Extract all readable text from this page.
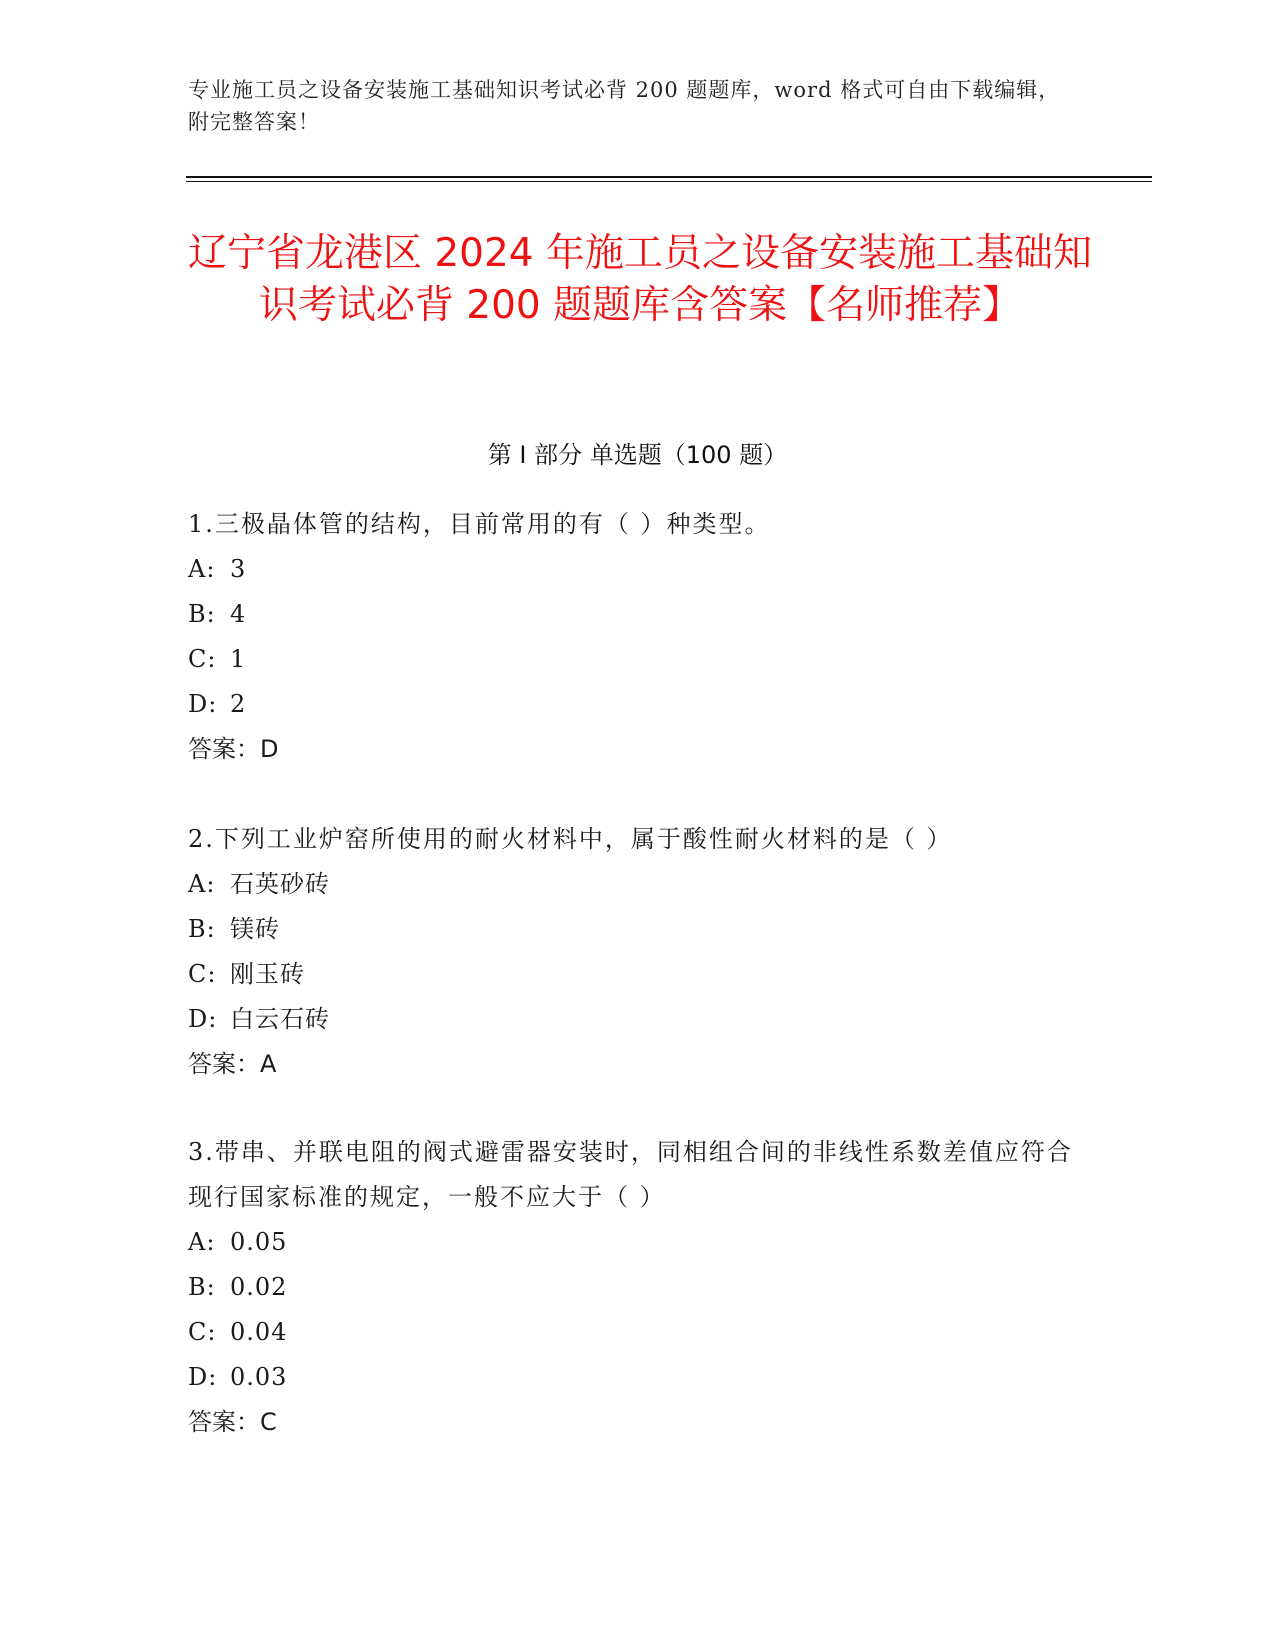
专业施工员之设备安装施工基础知识考试必背 200 题题库，word 格式可自由下载编辑，附完整答案！
辽宁省龙港区 2024 年施工员之设备安装施工基础知识考试必背 200 题题库含答案【名师推荐】
第 I 部分 单选题（100 题）
1.三极晶体管的结构，目前常用的有（ ）种类型。
A: 3
B: 4
C: 1
D: 2
答案：D
2.下列工业炉窑所使用的耐火材料中，属于酸性耐火材料的是（ ）
A: 石英砂砖
B: 镁砖
C: 刚玉砖
D: 白云石砖
答案：A
3.带串、并联电阻的阀式避雷器安装时，同相组合间的非线性系数差值应符合现行国家标准的规定，一般不应大于（ ）
A: 0.05
B: 0.02
C: 0.04
D: 0.03
答案：C
